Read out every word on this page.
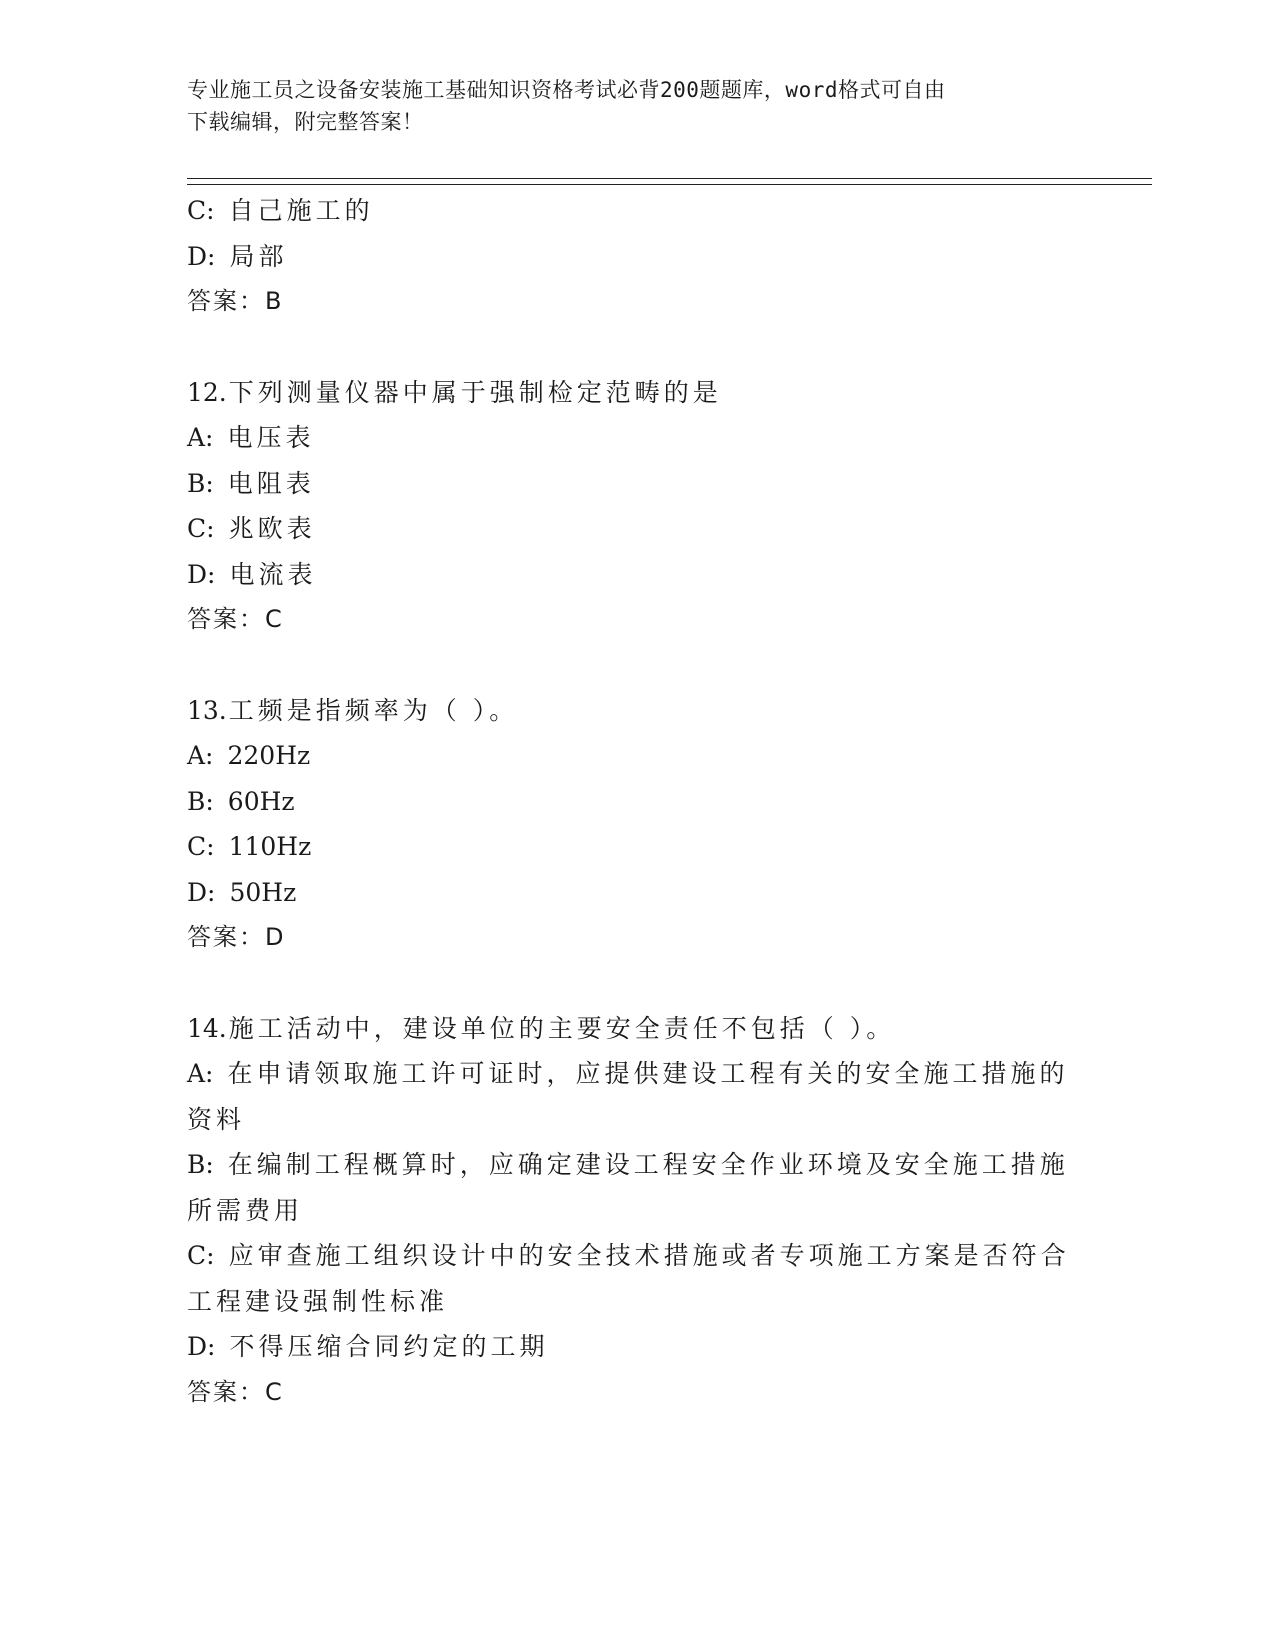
专业施工员之设备安装施工基础知识资格考试必背200题题库，word格式可自由
下载编辑，附完整答案！
C: 自己施工的
D: 局部
答案：B
12.下列测量仪器中属于强制检定范畴的是
A: 电压表
B: 电阻表
C: 兆欧表
D: 电流表
答案：C
13.工频是指频率为（ ）。
A: 220Hz
B: 60Hz
C: 110Hz
D: 50Hz
答案：D
14.施工活动中，建设单位的主要安全责任不包括（ ）。
A: 在申请领取施工许可证时，应提供建设工程有关的安全施工措施的
资料
B: 在编制工程概算时，应确定建设工程安全作业环境及安全施工措施
所需费用
C: 应审查施工组织设计中的安全技术措施或者专项施工方案是否符合
工程建设强制性标准
D: 不得压缩合同约定的工期
答案：C
